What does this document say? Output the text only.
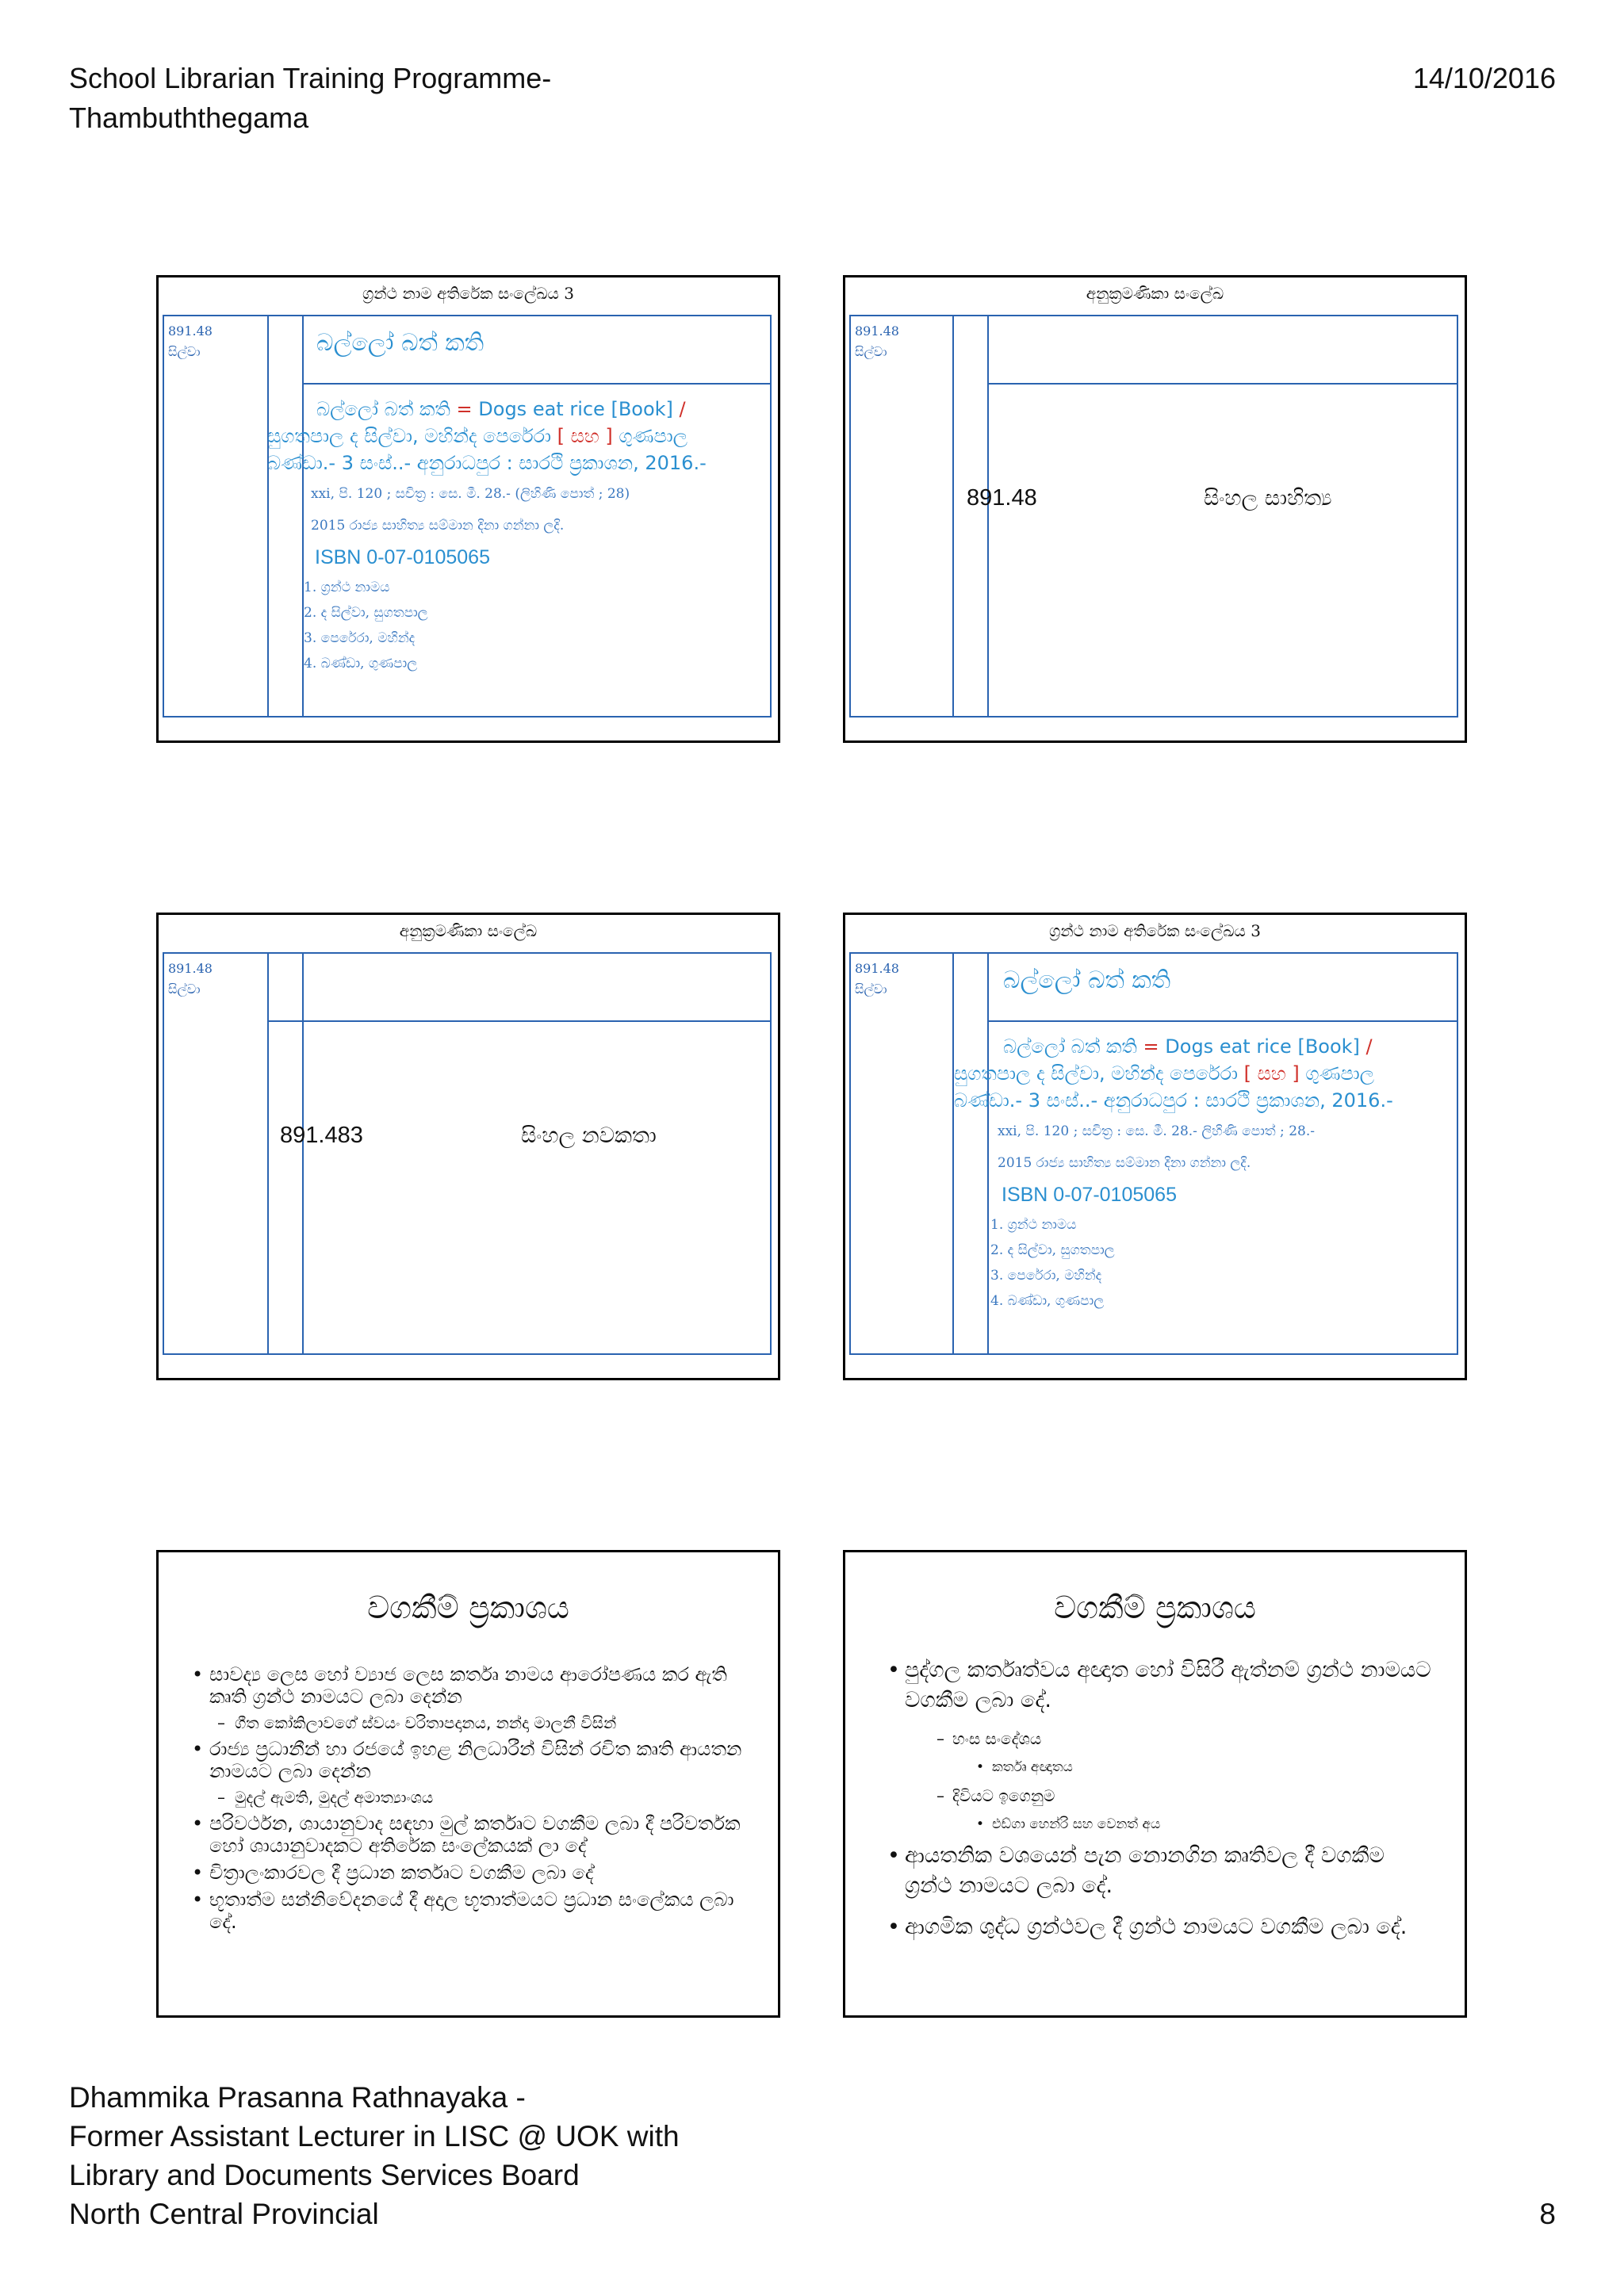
School Librarian Training Programme-
Thambuththegama
14/10/2016
ග්‍රන්ථ නාම අතිරේක සංලේඛය 3
891.48
සිල්වා	බල්ලෝ බත් කති
බල්ලෝ බත් කති = Dogs eat rice [Book] /
සුගතපාල ද සිල්වා, මහින්ද පෙරේරා [ සහ ] ගුණපාල
බණ්ඩා.- 3 සංස්..- අනුරාධපුර : සාරථි ප්‍රකාශන, 2016.-
xxi, පි. 120 ; සචිත්‍ර : සෙ. මී. 28.- (ලිහිණි පොත් ; 28)
2015 රාජ්‍ය සාහිත්‍ය සම්මාන දිනා ගන්නා ලදි.
ISBN 0-07-0105065
1. ග්‍රන්ථ නාමය
2. ද සිල්වා, සුගතපාල
3. පෙරේරා, මහින්ද
4. බණ්ඩා, ගුණපාල
අනුක්‍රමණිකා සංලේඛ
891.48
සිල්වා
891.48	සිංහල සාහිත්‍ය
අනුක්‍රමණිකා සංලේඛ
891.48
සිල්වා
891.483	සිංහල නවකතා
ග්‍රන්ථ නාම අතිරේක සංලේඛය 3
891.48
සිල්වා	බල්ලෝ බත් කති
බල්ලෝ බත් කති = Dogs eat rice [Book] /
සුගතපාල ද සිල්වා, මහින්ද පෙරේරා [ සහ ] ගුණපාල
බණ්ඩා.- 3 සංස්..- අනුරාධපුර : සාරථි ප්‍රකාශන, 2016.-
xxi, පි. 120 ; සචිත්‍ර : සෙ. මී. 28.- ලිහිණි පොත් ; 28.-
2015 රාජ්‍ය සාහිත්‍ය සම්මාන දිනා ගන්නා ලදි.
ISBN 0-07-0105065
1. ග්‍රන්ථ නාමය
2. ද සිල්වා, සුගතපාල
3. පෙරේරා, මහින්ද
4. බණ්ඩා, ගුණපාල
වගකීම් ප්‍රකාශය
• සාවද්‍ය ලෙස හෝ ව්‍යාජ ලෙස කර්තෘ නාමය ආරෝපණය කර ඇති කෘති ග්‍රන්ථ නාමයට ලබා දෙන්න
– ගීත කෝකිලාවගේ ස්වයං චරිතාපදානය, නන්දා මාලනී විසින්
• රාජ්‍ය ප්‍රධානීන් හා රජයේ ඉහළ නිලධාරීන් විසින් රචිත කෘති ආයතන නාමයට ලබා දෙන්න
– මුදල් ඇමති, මුදල් අමාත්‍යාංශය
• පරිවර්ථන, ශායානුවාද සඳහා මුල් කර්තෘට වගකීම ලබා දී පරිවර්තක හෝ ශායානුවාදකට අතිරේක සංලේකයක් ලා දේ
• චිත්‍රාලංකාරවල දී ප්‍රධාන කර්තෘට වගකීම ලබා දේ
• භූතාත්ම සන්නිවේදනයේ දී අදාල භූතාත්මයට ප්‍රධාන සංලේකය ලබා දේ.
වගකීම් ප්‍රකාශය
• පුද්ගල කර්තෘත්වය අඥාත හෝ විසිරී ඇත්නම් ග්‍රන්ථ නාමයට වගකීම ලබා දේ.
– හංස සංදේශය
• කර්තෘ අඥාතය
– දිවියට ඉගෙනුම
• එඩ්ගා හෙන්රි සහ වෙනත් අය
• ආයතනික වශයෙන් පැන නොනගින කෘතිවල දී වගකීම ග්‍රන්ථ නාමයට ලබා දේ.
• ආගමික ශුද්ධ ග්‍රන්ථවල දී ග්‍රන්ථ නාමයට වගකීම ලබා දේ.
Dhammika Prasanna Rathnayaka -
Former Assistant Lecturer in LISC @ UOK with
Library and Documents Services Board
North Central Provincial	8
